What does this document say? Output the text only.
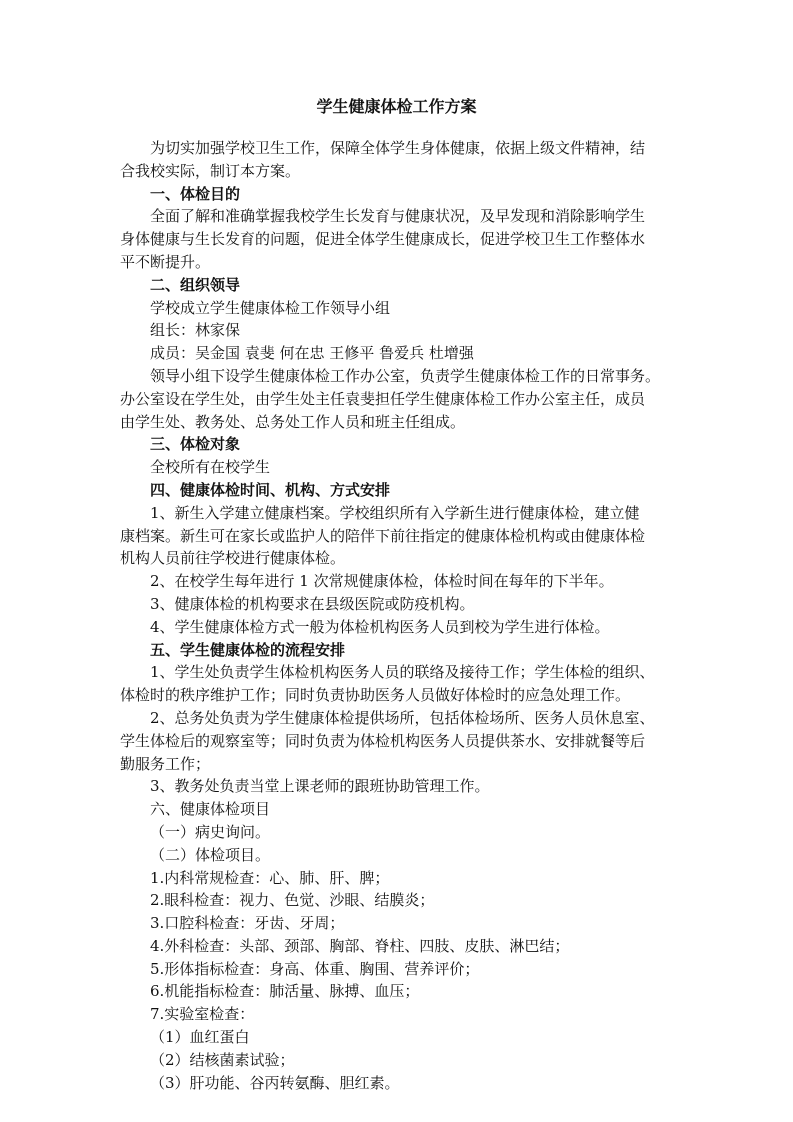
学生健康体检工作方案
为切实加强学校卫生工作，保障全体学生身体健康，依据上级文件精神，结
合我校实际，制订本方案。
一、体检目的
全面了解和准确掌握我校学生长发育与健康状况，及早发现和消除影响学生
身体健康与生长发育的问题，促进全体学生健康成长，促进学校卫生工作整体水
平不断提升。
二、组织领导
学校成立学生健康体检工作领导小组
组长：林家保
成员：吴金国 袁斐 何在忠 王修平 鲁爱兵 杜增强
领导小组下设学生健康体检工作办公室，负责学生健康体检工作的日常事务。
办公室设在学生处，由学生处主任袁斐担任学生健康体检工作办公室主任，成员
由学生处、教务处、总务处工作人员和班主任组成。
三、体检对象
全校所有在校学生
四、健康体检时间、机构、方式安排
1、新生入学建立健康档案。学校组织所有入学新生进行健康体检，建立健
康档案。新生可在家长或监护人的陪伴下前往指定的健康体检机构或由健康体检
机构人员前往学校进行健康体检。
2、在校学生每年进行 1 次常规健康体检，体检时间在每年的下半年。
3、健康体检的机构要求在县级医院或防疫机构。
4、学生健康体检方式一般为体检机构医务人员到校为学生进行体检。
五、学生健康体检的流程安排
1、学生处负责学生体检机构医务人员的联络及接待工作；学生体检的组织、
体检时的秩序维护工作；同时负责协助医务人员做好体检时的应急处理工作。
2、总务处负责为学生健康体检提供场所，包括体检场所、医务人员休息室、
学生体检后的观察室等；同时负责为体检机构医务人员提供茶水、安排就餐等后
勤服务工作；
3、教务处负责当堂上课老师的跟班协助管理工作。
六、健康体检项目
（一）病史询问。
（二）体检项目。
1.内科常规检查：心、肺、肝、脾；
2.眼科检查：视力、色觉、沙眼、结膜炎；
3.口腔科检查：牙齿、牙周；
4.外科检查：头部、颈部、胸部、脊柱、四肢、皮肤、淋巴结；
5.形体指标检查：身高、体重、胸围、营养评价；
6.机能指标检查：肺活量、脉搏、血压；
7.实验室检查：
（1）血红蛋白
（2）结核菌素试验；
（3）肝功能、谷丙转氨酶、胆红素。
